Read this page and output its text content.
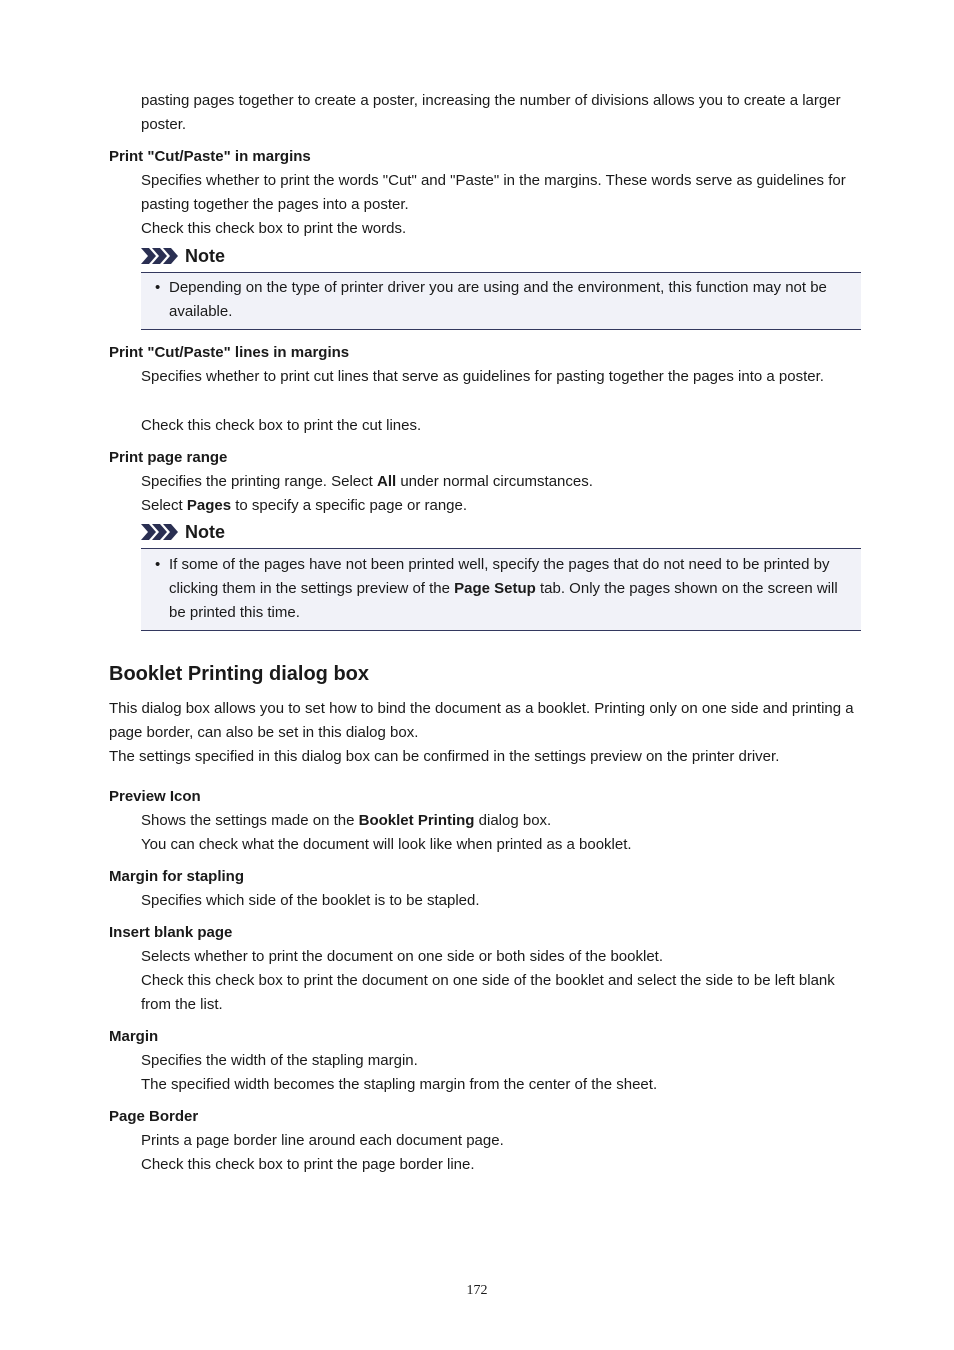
pasting pages together to create a poster, increasing the number of divisions allows you to create a larger poster.

Print "Cut/Paste" in margins

Specifies whether to print the words "Cut" and "Paste" in the margins. These words serve as guidelines for pasting together the pages into a poster.

Check this check box to print the words.

Note
• Depending on the type of printer driver you are using and the environment, this function may not be available.

Print "Cut/Paste" lines in margins

Specifies whether to print cut lines that serve as guidelines for pasting together the pages into a poster.

Check this check box to print the cut lines.

Print page range

Specifies the printing range. Select All under normal circumstances.

Select Pages to specify a specific page or range.

Note
• If some of the pages have not been printed well, specify the pages that do not need to be printed by clicking them in the settings preview of the Page Setup tab. Only the pages shown on the screen will be printed this time.

Booklet Printing dialog box

This dialog box allows you to set how to bind the document as a booklet. Printing only on one side and printing a page border, can also be set in this dialog box.

The settings specified in this dialog box can be confirmed in the settings preview on the printer driver.

Preview Icon

Shows the settings made on the Booklet Printing dialog box.

You can check what the document will look like when printed as a booklet.

Margin for stapling

Specifies which side of the booklet is to be stapled.

Insert blank page

Selects whether to print the document on one side or both sides of the booklet.

Check this check box to print the document on one side of the booklet and select the side to be left blank from the list.

Margin

Specifies the width of the stapling margin.

The specified width becomes the stapling margin from the center of the sheet.

Page Border

Prints a page border line around each document page.

Check this check box to print the page border line.

172
